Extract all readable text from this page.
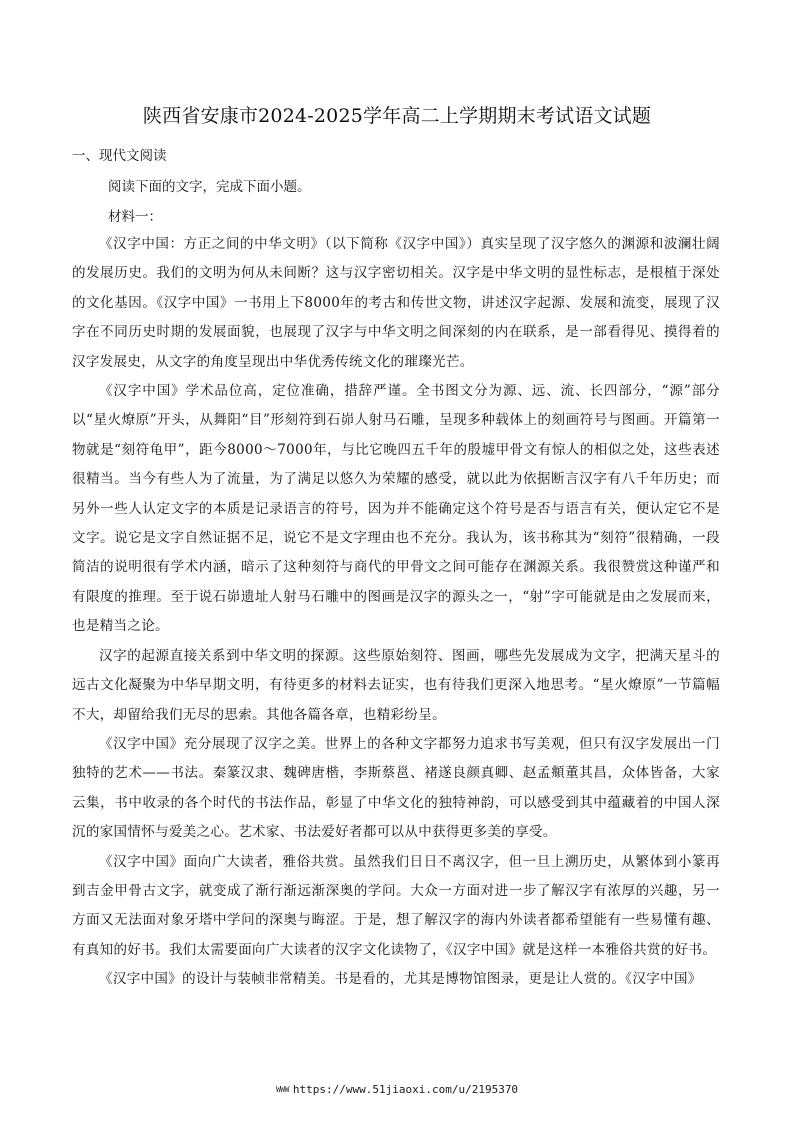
陕西省安康市2024-2025学年高二上学期期末考试语文试题
一、现代文阅读
阅读下面的文字，完成下面小题。
材料一：

《汉字中国：方正之间的中华文明》（以下简称《汉字中国》）真实呈现了汉字悠久的渊源和波澜壮阔的发展历史。我们的文明为何从未间断？这与汉字密切相关。汉字是中华文明的显性标志，是根植于深处的文化基因。《汉字中国》一书用上下8000年的考古和传世文物，讲述汉字起源、发展和流变，展现了汉字在不同历史时期的发展面貌，也展现了汉字与中华文明之间深刻的内在联系，是一部看得见、摸得着的汉字发展史，从文字的角度呈现出中华优秀传统文化的璀璨光芒。

《汉字中国》学术品位高，定位准确，措辞严谨。全书图文分为源、远、流、长四部分，“源”部分以“星火燎原”开头，从舞阳“目”形刻符到石峁人射马石雕，呈现多种载体上的刻画符号与图画。开篇第一物就是“刻符龟甲”，距今8000～7000年，与比它晚四五千年的殷墟甲骨文有惊人的相似之处，这些表述很精当。当今有些人为了流量，为了满足以悠久为荣耀的感受，就以此为依据断言汉字有八千年历史；而另外一些人认定文字的本质是记录语言的符号，因为并不能确定这个符号是否与语言有关，便认定它不是文字。说它是文字自然证据不足，说它不是文字理由也不充分。我认为，该书称其为“刻符”很精确，一段简洁的说明很有学术内涵，暗示了这种刻符与商代的甲骨文之间可能存在渊源关系。我很赞赏这种谨严和有限度的推理。至于说石峁遗址人射马石雕中的图画是汉字的源头之一，“射”字可能就是由之发展而来，也是精当之论。

汉字的起源直接关系到中华文明的探源。这些原始刻符、图画，哪些先发展成为文字，把满天星斗的远古文化凝聚为中华早期文明，有待更多的材料去证实，也有待我们更深入地思考。“星火燎原”一节篇幅不大，却留给我们无尽的思索。其他各篇各章，也精彩纷呈。

《汉字中国》充分展现了汉字之美。世界上的各种文字都努力追求书写美观，但只有汉字发展出一门独特的艺术——书法。秦篆汉隶、魏碑唐楷，李斯蔡邕、褚遂良颜真卿、赵孟頫董其昌，众体皆备，大家云集，书中收录的各个时代的书法作品，彰显了中华文化的独特神韵，可以感受到其中蕴藏着的中国人深沉的家国情怀与爱美之心。艺术家、书法爱好者都可以从中获得更多美的享受。

《汉字中国》面向广大读者，雅俗共赏。虽然我们日日不离汉字，但一旦上溯历史，从繁体到小篆再到吉金甲骨古文字，就变成了渐行渐远渐深奥的学问。大众一方面对进一步了解汉字有浓厚的兴趣，另一方面又无法面对象牙塔中学问的深奥与晦涩。于是，想了解汉字的海内外读者都希望能有一些易懂有趣、有真知的好书。我们太需要面向广大读者的汉字文化读物了，《汉字中国》就是这样一本雅俗共赏的好书。

《汉字中国》的设计与装帧非常精美。书是看的，尤其是博物馆图录，更是让人赏的。《汉字中国》

WWW https://www.51jiaoxi.com/u/2195370
